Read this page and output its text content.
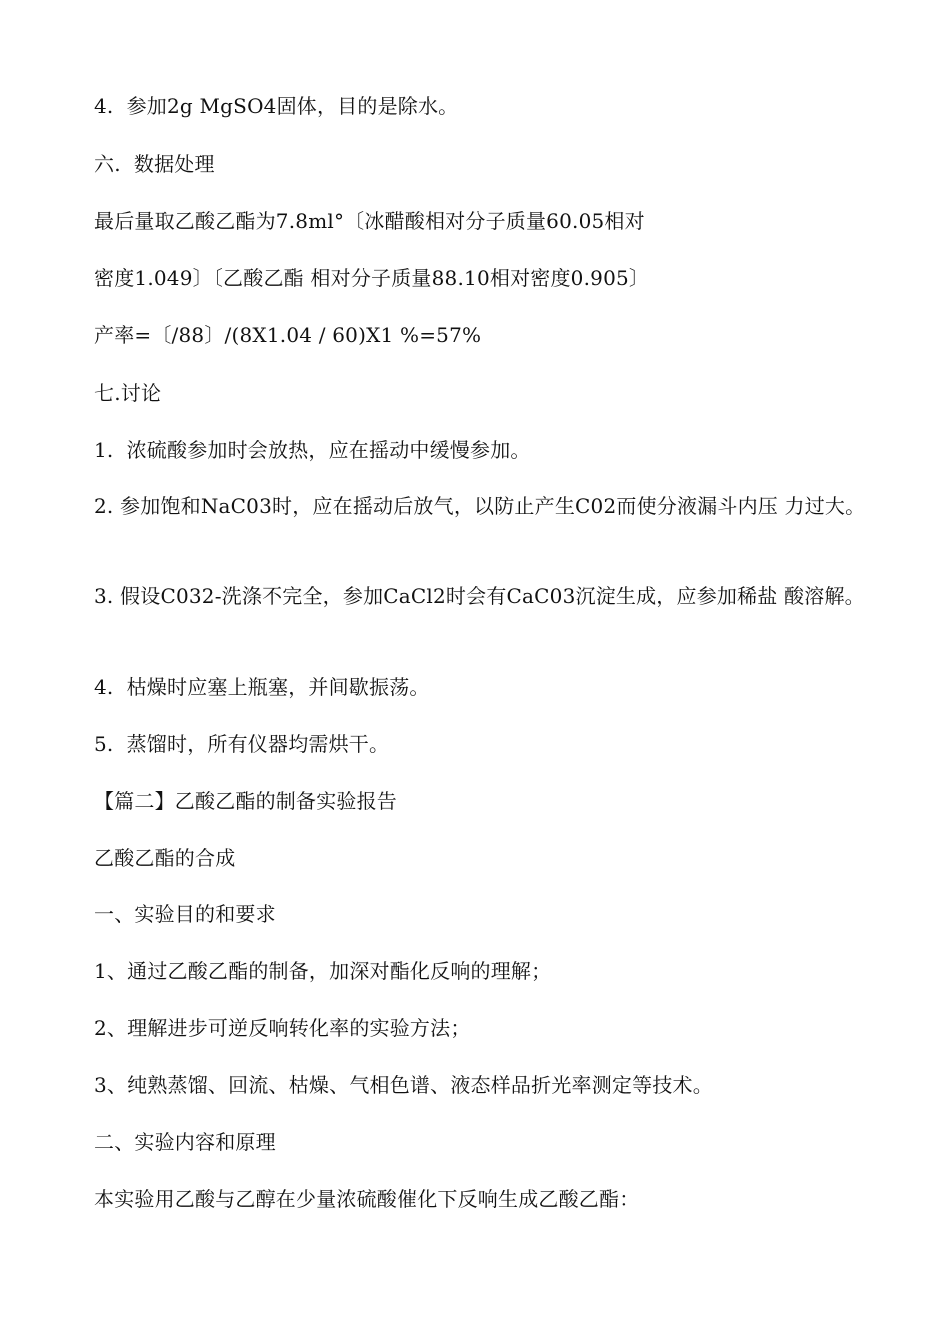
4.  参加2g MgSO4固体，目的是除水。

六.  数据处理

最后量取乙酸乙酯为7.8ml°〔冰醋酸相对分子质量60.05相对

密度1.049〕〔乙酸乙酯 相对分子质量88.10相对密度0.905〕

产率=〔/88〕/(8X1.04 / 60)X1 %=57%

七.讨论

1.  浓硫酸参加时会放热，应在摇动中缓慢参加。

2. 参加饱和NaC03时，应在摇动后放气，以防止产生C02而使分液漏斗内压 力过大。

3. 假设C032-洗涤不完全，参加CaCl2时会有CaC03沉淀生成，应参加稀盐 酸溶解。

4.  枯燥时应塞上瓶塞，并间歇振荡。

5.  蒸馏时，所有仪器均需烘干。

【篇二】乙酸乙酯的制备实验报告

乙酸乙酯的合成

一、实验目的和要求

1、通过乙酸乙酯的制备，加深对酯化反响的理解；

2、理解进步可逆反响转化率的实验方法；

3、纯熟蒸馏、回流、枯燥、气相色谱、液态样品折光率测定等技术。

二、实验内容和原理

本实验用乙酸与乙醇在少量浓硫酸催化下反响生成乙酸乙酯：
